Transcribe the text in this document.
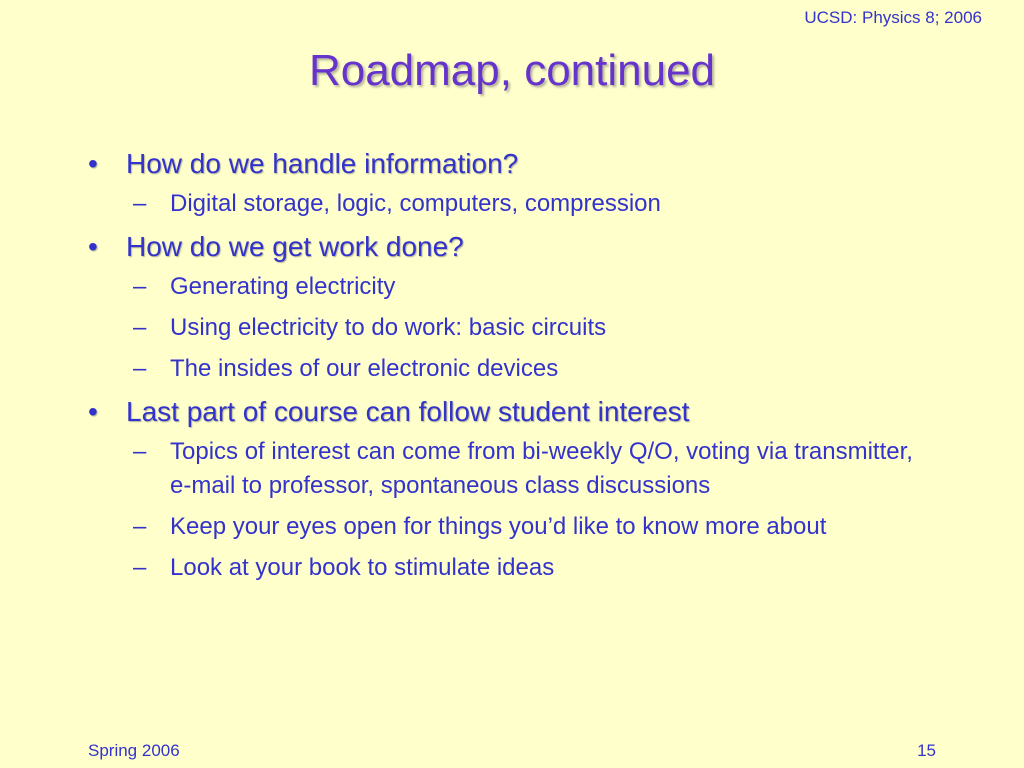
UCSD: Physics 8; 2006
Roadmap, continued
• How do we handle information?
– Digital storage, logic, computers, compression
• How do we get work done?
– Generating electricity
– Using electricity to do work: basic circuits
– The insides of our electronic devices
• Last part of course can follow student interest
– Topics of interest can come from bi-weekly Q/O, voting via transmitter, e-mail to professor, spontaneous class discussions
– Keep your eyes open for things you’d like to know more about
– Look at your book to stimulate ideas
Spring 2006	15
